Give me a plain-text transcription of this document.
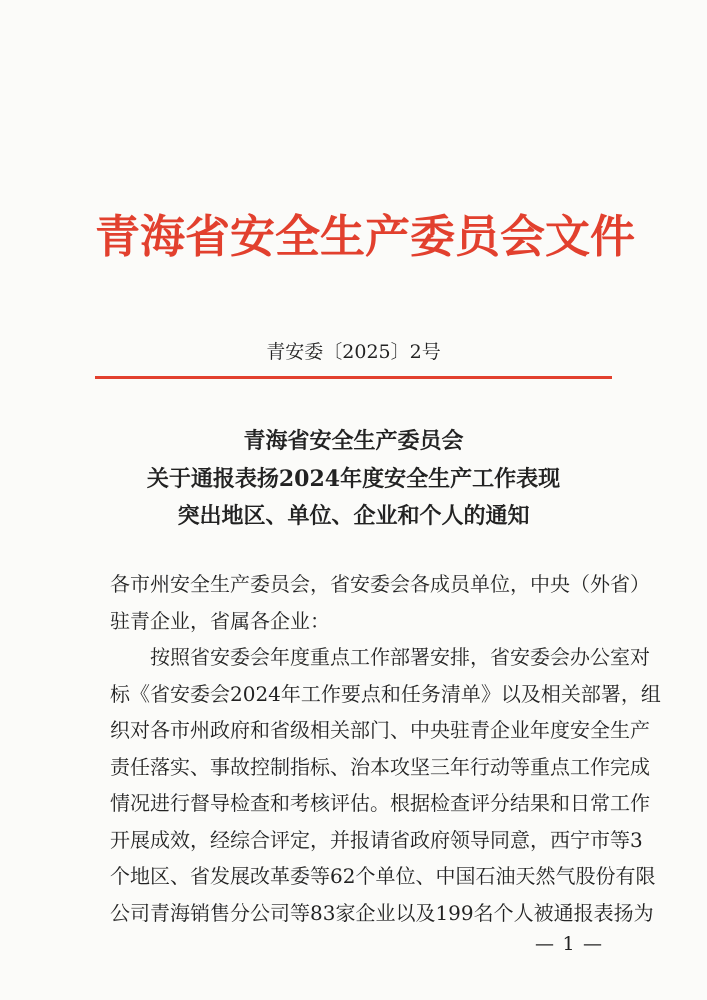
青海省安全生产委员会文件
青安委〔2025〕2号
青海省安全生产委员会
关于通报表扬2024年度安全生产工作表现
突出地区、单位、企业和个人的通知
各市州安全生产委员会，省安委会各成员单位，中央（外省）
驻青企业，省属各企业：
　　按照省安委会年度重点工作部署安排，省安委会办公室对
标《省安委会2024年工作要点和任务清单》以及相关部署，组
织对各市州政府和省级相关部门、中央驻青企业年度安全生产
责任落实、事故控制指标、治本攻坚三年行动等重点工作完成
情况进行督导检查和考核评估。根据检查评分结果和日常工作
开展成效，经综合评定，并报请省政府领导同意，西宁市等3
个地区、省发展改革委等62个单位、中国石油天然气股份有限
公司青海销售分公司等83家企业以及199名个人被通报表扬为
— 1 —
